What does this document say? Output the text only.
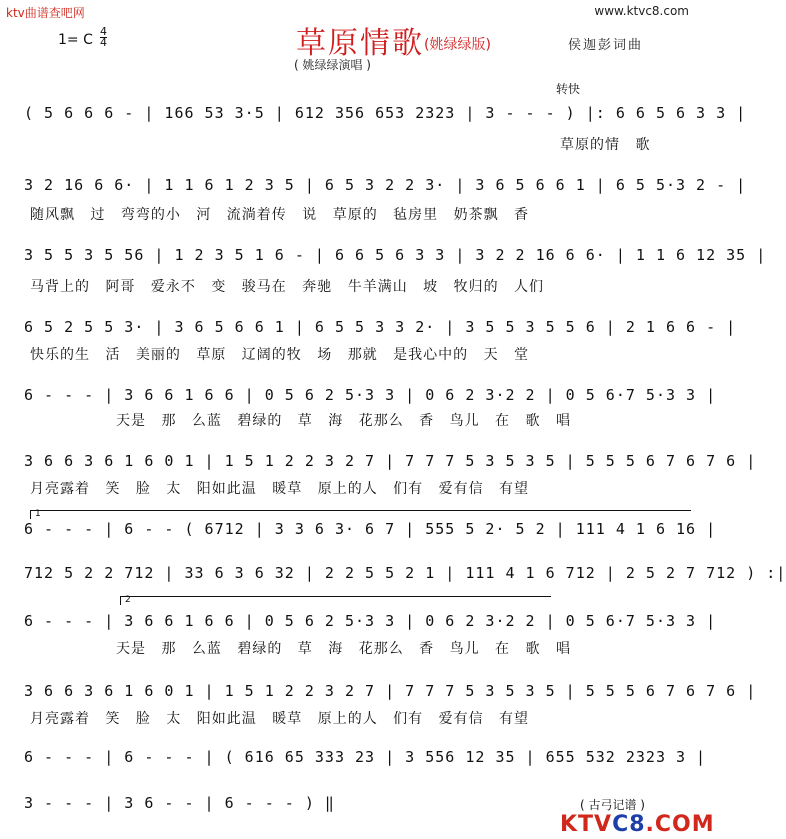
ktv曲谱查吧网	www.ktvc8.com
1= C
4
4	草原情歌 (姚绿绿版)	侯迦彭词曲
( 姚绿绿演唱 )
转快
( 5 6 6 6 - | 166 53 3·5 | 612 356 653 2323 | 3 - - - ) |: 6 6 5 6 3 3 |
草原的情 歌
3 2 16 6 6· | 1 1 6 1 2 3 5 | 6 5 3 2 2 3· | 3 6 5 6 6 1 | 6 5 5·3 2 - |
随风飘 过 弯弯的小 河 流淌着传 说 草原的 毡房里 奶茶飘 香
3 5 5 3 5 56 | 1 2 3 5 1 6 - | 6 6 5 6 3 3 | 3 2 2 16 6 6· | 1 1 6 12 35 |
马背上的 阿哥 爱永不 变 骏马在 奔驰 牛羊满山 坡 牧归的 人们
6 5 2 5 5 3· | 3 6 5 6 6 1 | 6 5 5 3 3 2· | 3 5 5 3 5 5 6 | 2 1 6 6 - |
快乐的生 活 美丽的 草原 辽阔的牧 场 那就 是我心中的 天 堂
6 - - - | 3 6 6 1 6 6 | 0 5 6 2 5·3 3 | 0 6 2 3·2 2 | 0 5 6·7 5·3 3 |
天是 那 么蓝 碧绿的 草 海 花那么 香 鸟儿 在 歌 唱
3 6 6 3 6 1 6 0 1 | 1 5 1 2 2 3 2 7 | 7 7 7 5 3 5 3 5 | 5 5 5 6 7 6 7 6 |
月亮露着 笑 脸 太 阳如此温 暖草 原上的人 们有 爱有信 有望
1
6 - - - | 6 - - ( 6712 | 3 3 6 3· 6 7 | 555 5 2· 5 2 | 111 4 1 6 16 |
712 5 2 2 712 | 33 6 3 6 32 | 2 2 5 5 2 1 | 111 4 1 6 712 | 2 5 2 7 712 ) :|
2
6 - - - | 3 6 6 1 6 6 | 0 5 6 2 5·3 3 | 0 6 2 3·2 2 | 0 5 6·7 5·3 3 |
天是 那 么蓝 碧绿的 草 海 花那么 香 鸟儿 在 歌 唱
3 6 6 3 6 1 6 0 1 | 1 5 1 2 2 3 2 7 | 7 7 7 5 3 5 3 5 | 5 5 5 6 7 6 7 6 |
月亮露着 笑 脸 太 阳如此温 暖草 原上的人 们有 爱有信 有望
6 - - - | 6 - - - | ( 616 65 333 23 | 3 556 12 35 | 655 532 2323 3 |
3 - - - | 3 6 - - | 6 - - - ) ‖	( 古弓记谱 )
KTVC8.COM
